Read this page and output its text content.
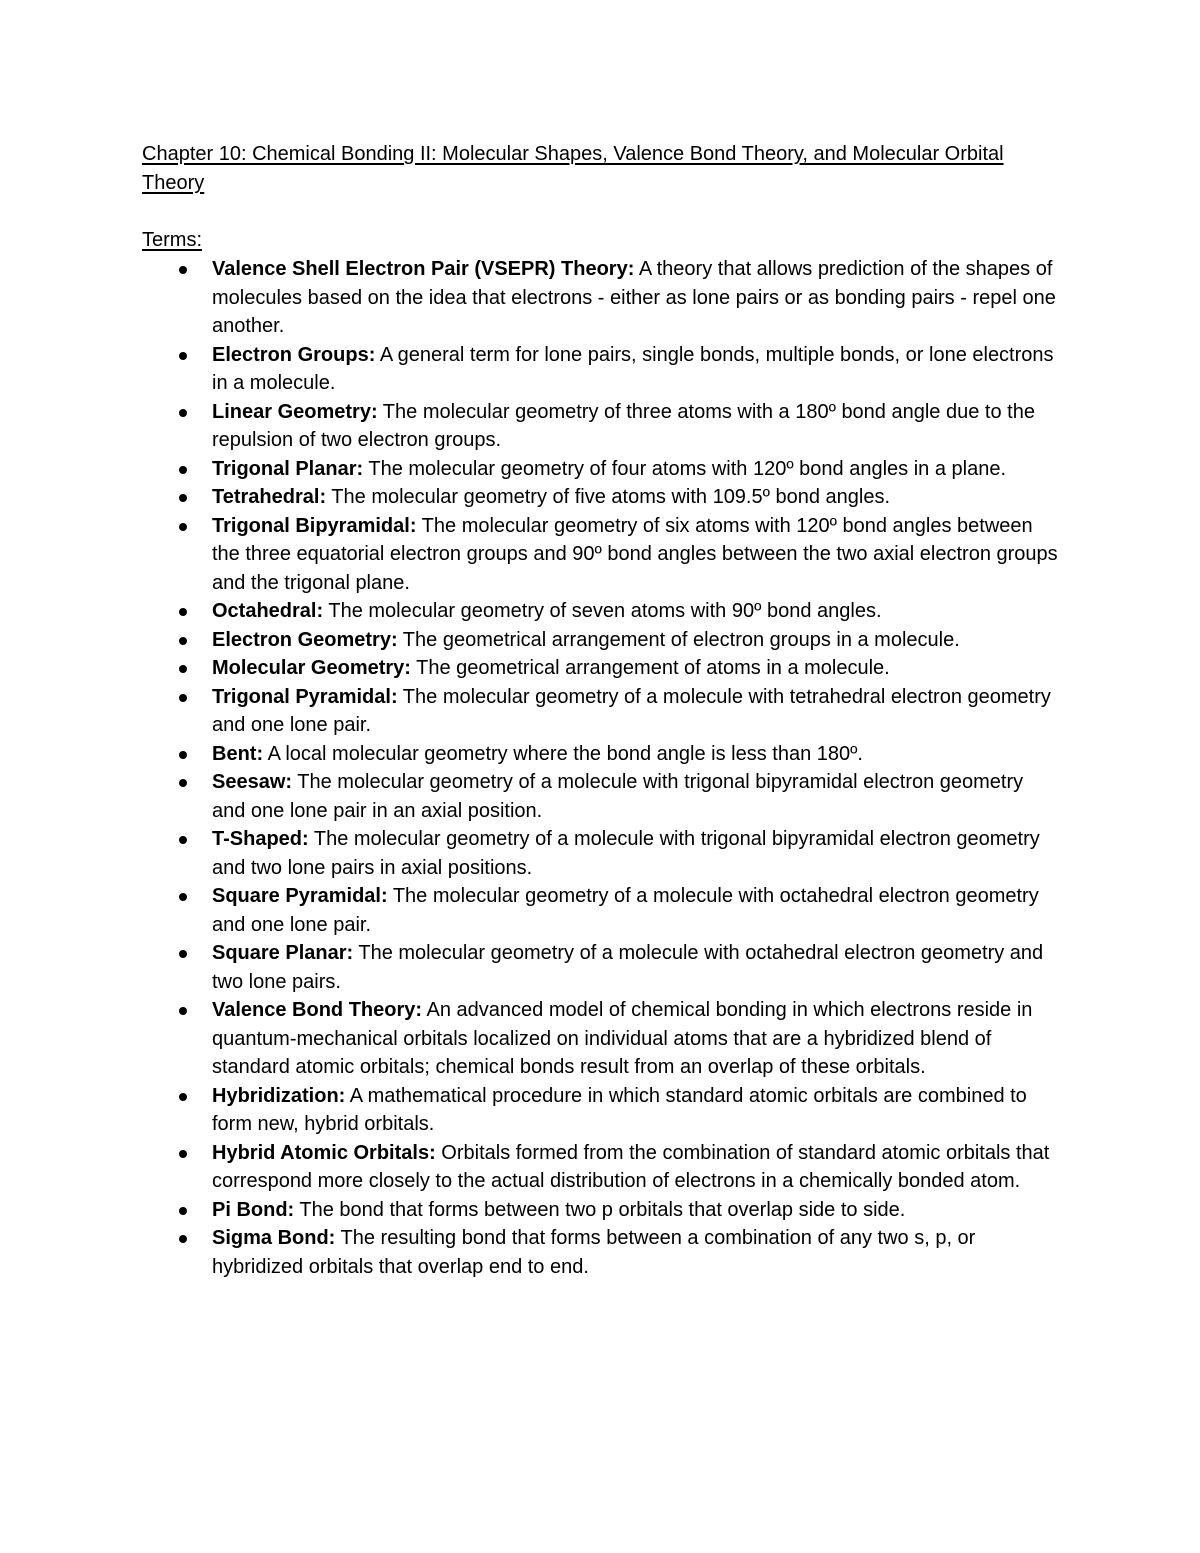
Chapter 10: Chemical Bonding II: Molecular Shapes, Valence Bond Theory, and Molecular Orbital Theory
Terms:
Valence Shell Electron Pair (VSEPR) Theory: A theory that allows prediction of the shapes of molecules based on the idea that electrons - either as lone pairs or as bonding pairs - repel one another.
Electron Groups: A general term for lone pairs, single bonds, multiple bonds, or lone electrons in a molecule.
Linear Geometry: The molecular geometry of three atoms with a 180º bond angle due to the repulsion of two electron groups.
Trigonal Planar: The molecular geometry of four atoms with 120º bond angles in a plane.
Tetrahedral: The molecular geometry of five atoms with 109.5º bond angles.
Trigonal Bipyramidal: The molecular geometry of six atoms with 120º bond angles between the three equatorial electron groups and 90º bond angles between the two axial electron groups and the trigonal plane.
Octahedral: The molecular geometry of seven atoms with 90º bond angles.
Electron Geometry: The geometrical arrangement of electron groups in a molecule.
Molecular Geometry: The geometrical arrangement of atoms in a molecule.
Trigonal Pyramidal: The molecular geometry of a molecule with tetrahedral electron geometry and one lone pair.
Bent: A local molecular geometry where the bond angle is less than 180º.
Seesaw: The molecular geometry of a molecule with trigonal bipyramidal electron geometry and one lone pair in an axial position.
T-Shaped: The molecular geometry of a molecule with trigonal bipyramidal electron geometry and two lone pairs in axial positions.
Square Pyramidal: The molecular geometry of a molecule with octahedral electron geometry and one lone pair.
Square Planar: The molecular geometry of a molecule with octahedral electron geometry and two lone pairs.
Valence Bond Theory: An advanced model of chemical bonding in which electrons reside in quantum-mechanical orbitals localized on individual atoms that are a hybridized blend of standard atomic orbitals; chemical bonds result from an overlap of these orbitals.
Hybridization: A mathematical procedure in which standard atomic orbitals are combined to form new, hybrid orbitals.
Hybrid Atomic Orbitals: Orbitals formed from the combination of standard atomic orbitals that correspond more closely to the actual distribution of electrons in a chemically bonded atom.
Pi Bond: The bond that forms between two p orbitals that overlap side to side.
Sigma Bond: The resulting bond that forms between a combination of any two s, p, or hybridized orbitals that overlap end to end.
